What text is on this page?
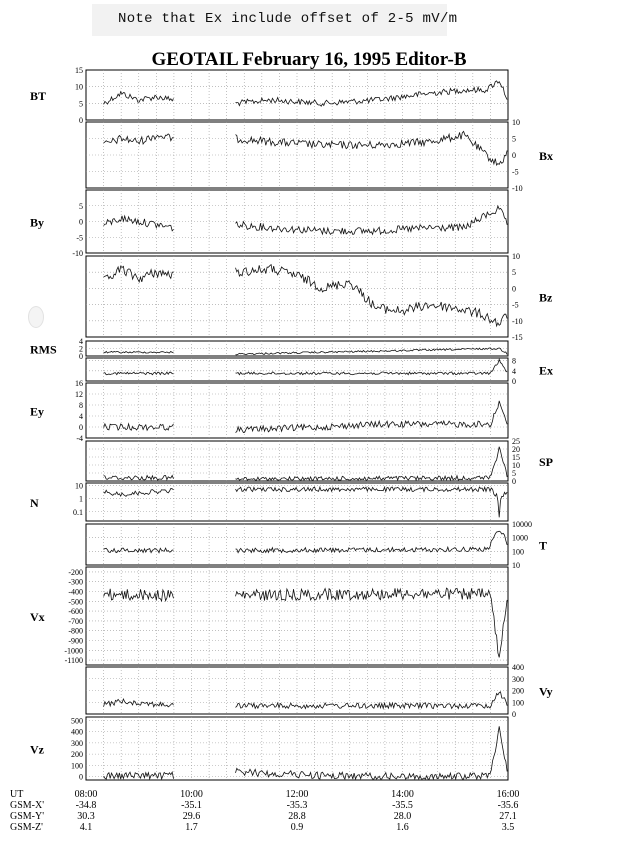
Note that Ex include offset of 2-5 mV/m
GEOTAIL February 16, 1995 Editor-B
15
10
5
0
BT
10
5
0
-5
-10
Bx
5
0
-5
-10
By
10
5
0
-5
-10
-15
Bz
4
2
0
RMS
8
4
0
Ex
16
12
8
4
0
-4
Ey
25
20
15
10
5
0
SP
10
1
0.1
N
10000
1000
100
10
T
-200
-300
-400
-500
-600
-700
-800
-900
-1000
-1100
Vx
400
300
200
100
0
Vy
500
400
300
200
100
0
Vz
UT
GSM-X'
GSM-Y'
GSM-Z'
08:00
-34.8
30.3
4.1
10:00
-35.1
29.6
1.7
12:00
-35.3
28.8
0.9
14:00
-35.5
28.0
1.6
16:00
-35.6
27.1
3.5
